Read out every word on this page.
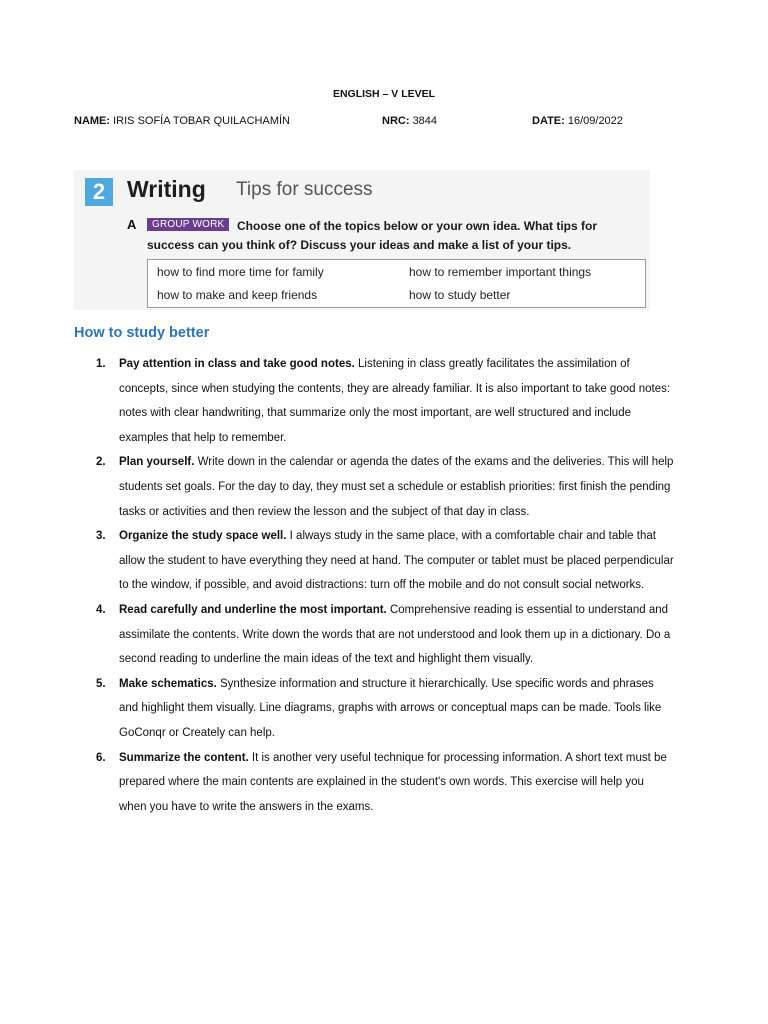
ENGLISH – V LEVEL
NAME: IRIS SOFÍA TOBAR QUILACHAMÍN	NRC: 3844	DATE: 16/09/2022
2 Writing Tips for success
A	Choose one of the topics below or your own idea. What tips for success can you think of? Discuss your ideas and make a list of your tips.
GROUP WORK
how to find more time for family	how to remember important things
how to make and keep friends	how to study better
How to study better
1. Pay attention in class and take good notes. Listening in class greatly facilitates the assimilation of concepts, since when studying the contents, they are already familiar. It is also important to take good notes: notes with clear handwriting, that summarize only the most important, are well structured and include examples that help to remember.
2. Plan yourself. Write down in the calendar or agenda the dates of the exams and the deliveries. This will help students set goals. For the day to day, they must set a schedule or establish priorities: first finish the pending tasks or activities and then review the lesson and the subject of that day in class.
3. Organize the study space well. I always study in the same place, with a comfortable chair and table that allow the student to have everything they need at hand. The computer or tablet must be placed perpendicular to the window, if possible, and avoid distractions: turn off the mobile and do not consult social networks.
4. Read carefully and underline the most important. Comprehensive reading is essential to understand and assimilate the contents. Write down the words that are not understood and look them up in a dictionary. Do a second reading to underline the main ideas of the text and highlight them visually.
5. Make schematics. Synthesize information and structure it hierarchically. Use specific words and phrases and highlight them visually. Line diagrams, graphs with arrows or conceptual maps can be made. Tools like GoConqr or Creately can help.
6. Summarize the content. It is another very useful technique for processing information. A short text must be prepared where the main contents are explained in the student's own words. This exercise will help you when you have to write the answers in the exams.
